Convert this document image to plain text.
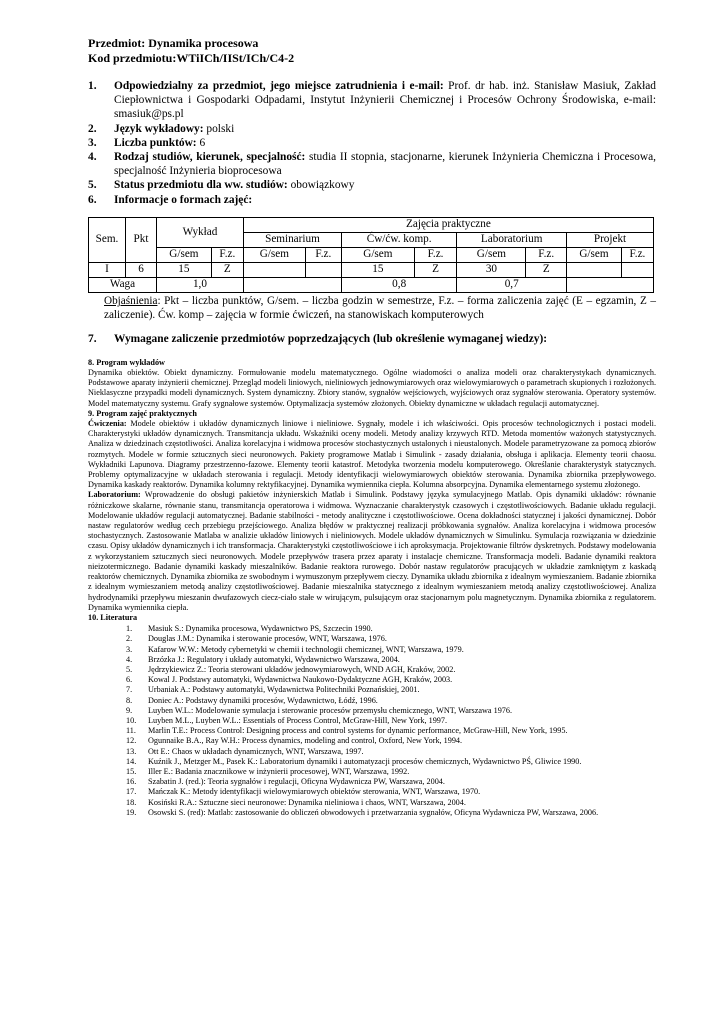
Przedmiot: Dynamika procesowa
Kod przedmiotu:WTiICh/IISt/ICh/C4-2
1. Odpowiedzialny za przedmiot, jego miejsce zatrudnienia i e-mail: Prof. dr hab. inż. Stanisław Masiuk, Zakład Ciepłownictwa i Gospodarki Odpadami, Instytut Inżynierii Chemicznej i Procesów Ochrony Środowiska, e-mail: smasiuk@ps.pl
2. Język wykładowy: polski
3. Liczba punktów: 6
4. Rodzaj studiów, kierunek, specjalność: studia II stopnia, stacjonarne, kierunek Inżynieria Chemiczna i Procesowa, specjalność Inżynieria bioprocesowa
5. Status przedmiotu dla ww. studiów: obowiązkowy
6. Informacje o formach zajęć:
Sem.	Pkt	Wykład		Zajęcia praktyczne							
				Seminarium		Ćw/ćw. komp.		Laboratorium		Projekt	
		G/sem	F.z.	G/sem	F.z.	G/sem	F.z.	G/sem	F.z.	G/sem	F.z.
I	6	15	Z			15	Z	30	Z		
Waga		1,0				0,8		0,7			
Objaśnienia: Pkt – liczba punktów, G/sem. – liczba godzin w semestrze, F.z. – forma zaliczenia zajęć (E – egzamin, Z – zaliczenie). Ćw. komp – zajęcia w formie ćwiczeń, na stanowiskach komputerowych
7. Wymagane zaliczenie przedmiotów poprzedzających (lub określenie wymaganej wiedzy):
8. Program wykładów
Dynamika obiektów. Obiekt dynamiczny. Formułowanie modelu matematycznego. Ogólne wiadomości o analiza modeli oraz charakterystykach dynamicznych. Podstawowe aparaty inżynierii chemicznej. Przegląd modeli liniowych, nieliniowych jednowymiarowych oraz wielowymiarowych o parametrach skupionych i rozłożonych. Nieklasyczne przypadki modeli dynamicznych. System dynamiczny. Zbiory stanów, sygnałów wejściowych, wyjściowych oraz sygnałów sterowania. Operatory systemów. Model matematyczny systemu. Grafy sygnałowe systemów. Optymalizacja systemów złożonych. Obiekty dynamiczne w układach regulacji automatycznej.
9. Program zajęć praktycznych
Ćwiczenia: Modele obiektów i układów dynamicznych liniowe i nieliniowe. Sygnały, modele i ich właściwości. Opis procesów technologicznych i postaci modeli. Charakterystyki układów dynamicznych. Transmitancja układu. Wskaźniki oceny modeli. Metody analizy krzywych RTD. Metoda momentów ważonych statystycznych. Analiza w dziedzinach częstotliwości. Analiza korelacyjna i widmowa procesów stochastycznych ustalonych i nieustalonych. Modele parametryzowane za pomocą zbiorów rozmytych. Modele w formie sztucznych sieci neuronowych. Pakiety programowe Matlab i Simulink - zasady działania, obsługa i aplikacja. Elementy teorii chaosu. Wykładniki Lapunova. Diagramy przestrzenno-fazowe. Elementy teorii katastrof. Metodyka tworzenia modelu komputerowego. Określanie charakterystyk statycznych. Problemy optymalizacyjne w układach sterowania i regulacji. Metody identyfikacji wielowymiarowych obiektów sterowania. Dynamika zbiornika przepływowego. Dynamika kaskady reaktorów. Dynamika kolumny rektyfikacyjnej. Dynamika wymiennika ciepła. Kolumna absorpcyjna. Dynamika elementarnego systemu złożonego.
Laboratorium: Wprowadzenie do obsługi pakietów inżynierskich Matlab i Simulink. Podstawy języka symulacyjnego Matlab. Opis dynamiki układów: równanie różniczkowe skalarne, równanie stanu, transmitancja operatorowa i widmowa. Wyznaczanie charakterystyk czasowych i częstotliwościowych. Badanie układu regulacji. Modelowanie układów regulacji automatycznej. Badanie stabilności - metody analityczne i częstotliwościowe. Ocena dokładności statycznej i jakości dynamicznej. Dobór nastaw regulatorów według cech przebiegu przejściowego. Analiza błędów w praktycznej realizacji próbkowania sygnałów. Analiza korelacyjna i widmowa procesów stochastycznych. Zastosowanie Matlaba w analizie układów liniowych i nieliniowych. Modele układów dynamicznych w Simulinku. Symulacja rozwiązania w dziedzinie czasu. Opisy układów dynamicznych i ich transformacja. Charakterystyki częstotliwościowe i ich aproksymacja. Projektowanie filtrów dyskretnych. Podstawy modelowania z wykorzystaniem sztucznych sieci neuronowych. Modele przepływów trasera przez aparaty i instalacje chemiczne. Transformacja modeli. Badanie dynamiki reaktora nieizotermicznego. Badanie dynamiki kaskady mieszalników. Badanie reaktora rurowego. Dobór nastaw regulatorów pracujących w układzie zamkniętym z kaskadą reaktorów chemicznych. Dynamika zbiornika ze swobodnym i wymuszonym przepływem cieczy. Dynamika układu zbiornika z idealnym wymieszaniem. Badanie zbiornika z idealnym wymieszaniem metodą analizy częstotliwościowej. Badanie mieszalnika statycznego z idealnym wymieszaniem metodą analizy częstotliwościowej. Analiza hydrodynamiki przepływu mieszanin dwufazowych ciecz-ciało stałe w wirującym, pulsującym oraz stacjonarnym polu magnetycznym. Dynamika zbiornika z regulatorem. Dynamika wymiennika ciepła.
10. Literatura
1. Masiuk S.: Dynamika procesowa, Wydawnictwo PS, Szczecin 1990.
2. Douglas J.M.: Dynamika i sterowanie procesów, WNT, Warszawa, 1976.
3. Kafarow W.W.: Metody cybernetyki w chemii i technologii chemicznej, WNT, Warszawa, 1979.
4. Brzózka J.: Regulatory i układy automatyki, Wydawnictwo Warszawa, 2004.
5. Jędrzykiewicz Z.: Teoria sterowani układów jednowymiarowych, WND AGH, Kraków, 2002.
6. Kowal J. Podstawy automatyki, Wydawnictwa Naukowo-Dydaktyczne AGH, Kraków, 2003.
7. Urbaniak A.: Podstawy automatyki, Wydawnictwa Politechniki Poznańskiej, 2001.
8. Doniec A.: Podstawy dynamiki procesów, Wydawnictwo, Łódź, 1996.
9. Luyben W.L.: Modelowanie symulacja i sterowanie procesów przemysłu chemicznego, WNT, Warszawa 1976.
10. Luyben M.L., Luyben W.L.: Essentials of Process Control, McGraw-Hill, New York, 1997.
11. Marlin T.E.: Process Control: Designing process and control systems for dynamic performance, McGraw-Hill, New York, 1995.
12. Ogunnaike B.A., Ray W.H.: Process dynamics, modeling and control, Oxford, New York, 1994.
13. Ott E.: Chaos w układach dynamicznych, WNT, Warszawa, 1997.
14. Kuźnik J., Metzger M., Pasek K.: Laboratorium dynamiki i automatyzacji procesów chemicznych, Wydawnictwo PŚ, Gliwice 1990.
15. Iller E.: Badania znacznikowe w inżynierii procesowej, WNT, Warszawa, 1992.
16. Szabatin J. (red.): Teoria sygnałów i regulacji, Oficyna Wydawnicza PW, Warszawa, 2004.
17. Mańczak K.: Metody identyfikacji wielowymiarowych obiektów sterowania, WNT, Warszawa, 1970.
18. Kosiński R.A.: Sztuczne sieci neuronowe: Dynamika nieliniowa i chaos, WNT, Warszawa, 2004.
19. Osowski S. (red): Matlab: zastosowanie do obliczeń obwodowych i przetwarzania sygnałów, Oficyna Wydawnicza PW, Warszawa, 2006.
